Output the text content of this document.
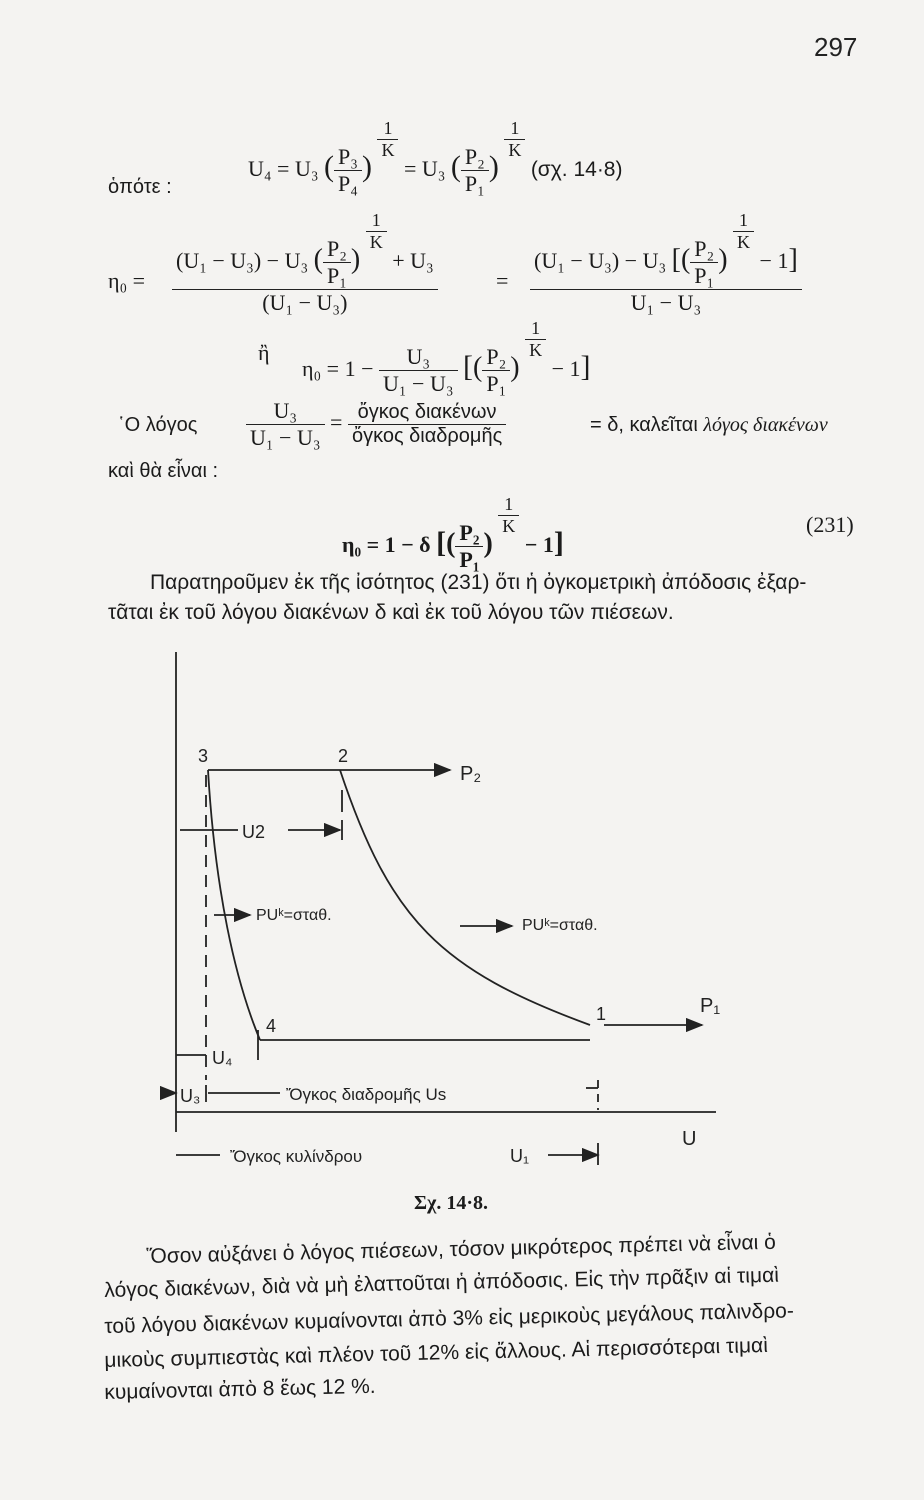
297
U₄ = U₃ ( $\frac{\text{P₃}}{\text{P₄}}$ )
$\frac{1}{K}$
= U₃ ( $\frac{\text{P₂}}{\text{P₁}}$ )
$\frac{1}{K}$
(σχ. 14·8)
ὁπότε :
η₀ = (U₁ − U₃) − U₃ ( $\frac{\text{P₂}}{\text{P₁}}$ )
$\frac{1}{K}$
+ U₃
(U₁ − U₃)	= (U₁ − U₃) − U₃ [( $\frac{\text{P₂}}{\text{P₁}}$ )
$\frac{1}{K}$
− 1]
U₁ − U₃
ἢ
$\eta_0 = 1 - \frac{\text{U₃}}{\text{U₁ − U₃}}$ [( $\frac{\text{P₂}}{\text{P₁}}$ )
$\frac{1}{K}$
− 1]
῾Ο λόγος $\frac{\text{U₃}}{\text{U₁ − U₃}} = \frac{\text{ὄγκος διακένων}}{\text{ὄγκος διαδρομῆς}}$	= δ, καλεῖται λόγος διακένων
καὶ θὰ εἶναι :
η₀ = 1 − δ [( $\frac{\text{P₂}}{\text{P₁}}$ )
$\frac{1}{K}$
− 1]
(231)
Παρατηροῦμεν ἐκ τῆς ἰσότητος (231) ὅτι ἡ ὀγκομετρικὴ ἀπόδοσις ἐξαρ-
τᾶται ἐκ τοῦ λόγου διακένων δ καὶ ἐκ τοῦ λόγου τῶν πιέσεων.
3	2
4
1
P₂
P₁
U
U2
U₄
U₃
PUᵏ=σταθ.
PUᵏ=σταθ.
Ὄγκος διαδρομῆς Us
Ὄγκος κυλίνδρου	U₁
Σχ. 14·8.
Ὅσον αὐξάνει ὁ λόγος πιέσεων, τόσον μικρότερος πρέπει νὰ εἶναι ὁ
λόγος διακένων, διὰ νὰ μὴ ἐλαττοῦται ἡ ἀπόδοσις. Εἰς τὴν πρᾶξιν αἱ τιμαὶ
τοῦ λόγου διακένων κυμαίνονται ἀπὸ 3% εἰς μερικοὺς μεγάλους παλινδρο-
μικοὺς συμπιεστὰς καὶ πλέον τοῦ 12% εἰς ἄλλους. Αἱ περισσότεραι τιμαὶ
κυμαίνονται ἀπὸ 8 ἕως 12 %.
